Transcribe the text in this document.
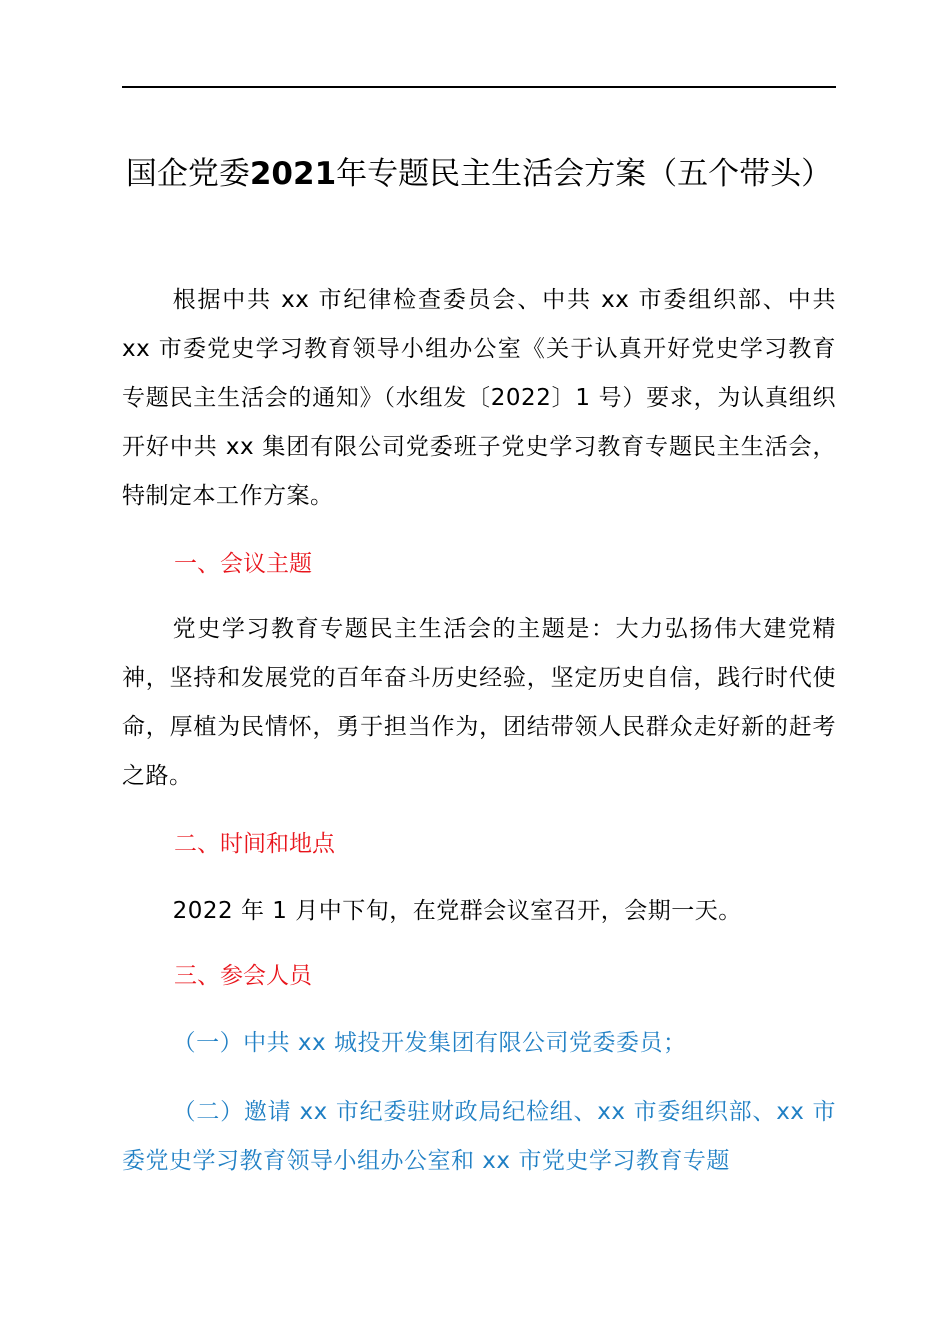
国企党委2021年专题民主生活会方案（五个带头）

根据中共 xx 市纪律检查委员会、中共 xx 市委组织部、中共 xx 市委党史学习教育领导小组办公室《关于认真开好党史学习教育专题民主生活会的通知》（水组发〔2022〕1 号）要求，为认真组织开好中共 xx 集团有限公司党委班子党史学习教育专题民主生活会，特制定本工作方案。

一、会议主题

党史学习教育专题民主生活会的主题是：大力弘扬伟大建党精神，坚持和发展党的百年奋斗历史经验，坚定历史自信，践行时代使命，厚植为民情怀，勇于担当作为，团结带领人民群众走好新的赶考之路。

二、时间和地点

2022 年 1 月中下旬，在党群会议室召开，会期一天。

三、参会人员

（一）中共 xx 城投开发集团有限公司党委委员；

（二）邀请 xx 市纪委驻财政局纪检组、xx 市委组织部、xx 市委党史学习教育领导小组办公室和 xx 市党史学习教育专题
